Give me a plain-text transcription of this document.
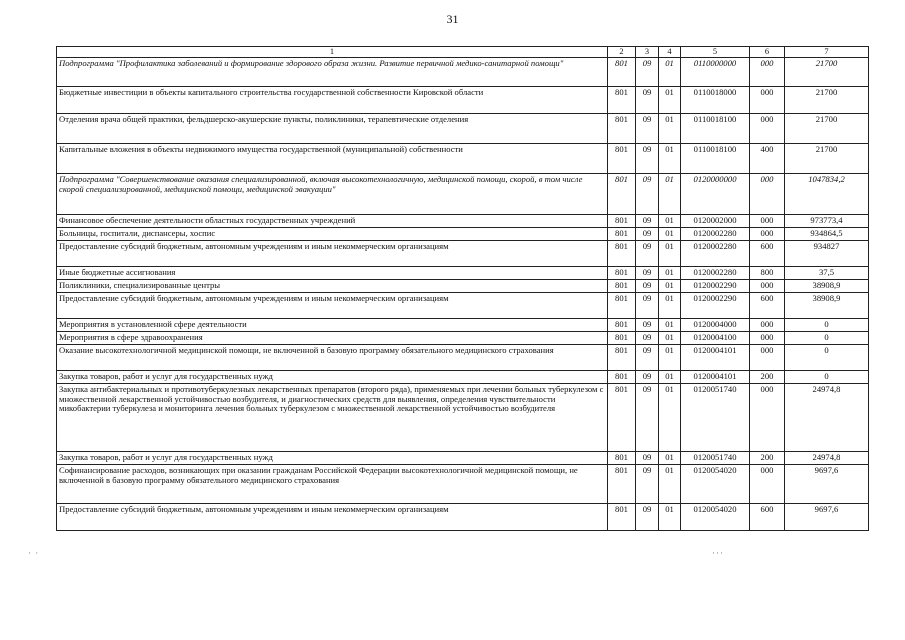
31
1	2	3	4	5	6	7
Подпрограмма "Профилактика заболеваний и формирование здорового образа жизни. Развитие первичной медико-санитарной помощи"	801	09	01	0110000000	000	21700
Бюджетные инвестиции в объекты капитального строительства государственной собственности Кировской области	801	09	01	0110018000	000	21700
Отделения врача общей практики, фельдшерско-акушерские пункты, поликлиники, терапевтические отделения	801	09	01	0110018100	000	21700
Капитальные вложения в объекты недвижимого имущества государственной (муниципальной) собственности	801	09	01	0110018100	400	21700
Подпрограмма "Совершенствование оказания специализированной, включая высокотехнологичную, медицинской помощи, скорой, в том числе скорой специализированной, медицинской помощи, медицинской эвакуации"	801	09	01	0120000000	000	1047834,2
Финансовое обеспечение деятельности областных государственных учреждений	801	09	01	0120002000	000	973773,4
Больницы, госпитали, диспансеры, хоспис	801	09	01	0120002280	000	934864,5
Предоставление субсидий бюджетным, автономным учреждениям и иным некоммерческим организациям	801	09	01	0120002280	600	934827
Иные бюджетные ассигнования	801	09	01	0120002280	800	37,5
Поликлиники, специализированные центры	801	09	01	0120002290	000	38908,9
Предоставление субсидий бюджетным, автономным учреждениям и иным некоммерческим организациям	801	09	01	0120002290	600	38908,9
Мероприятия в установленной сфере деятельности	801	09	01	0120004000	000	0
Мероприятия в сфере здравоохранения	801	09	01	0120004100	000	0
Оказание высокотехнологичной медицинской помощи, не включенной в базовую программу обязательного медицинского страхования	801	09	01	0120004101	000	0
Закупка товаров, работ и услуг для государственных нужд	801	09	01	0120004101	200	0
Закупка антибактериальных и противотуберкулезных лекарственных препаратов (второго ряда), применяемых при лечении больных туберкулезом с множественной лекарственной устойчивостью возбудителя, и диагностических средств для выявления, определения чувствительности микобактерии туберкулеза и мониторинга лечения больных туберкулезом с множественной лекарственной устойчивостью возбудителя	801	09	01	0120051740	000	24974,8
Закупка товаров, работ и услуг для государственных нужд	801	09	01	0120051740	200	24974,8
Софинансирование расходов, возникающих при оказании гражданам Российской Федерации высокотехнологичной медицинской помощи, не включенной в базовую программу обязательного медицинского страхования	801	09	01	0120054020	000	9697,6
Предоставление субсидий бюджетным, автономным учреждениям и иным некоммерческим организациям	801	09	01	0120054020	600	9697,6
· ·	···
